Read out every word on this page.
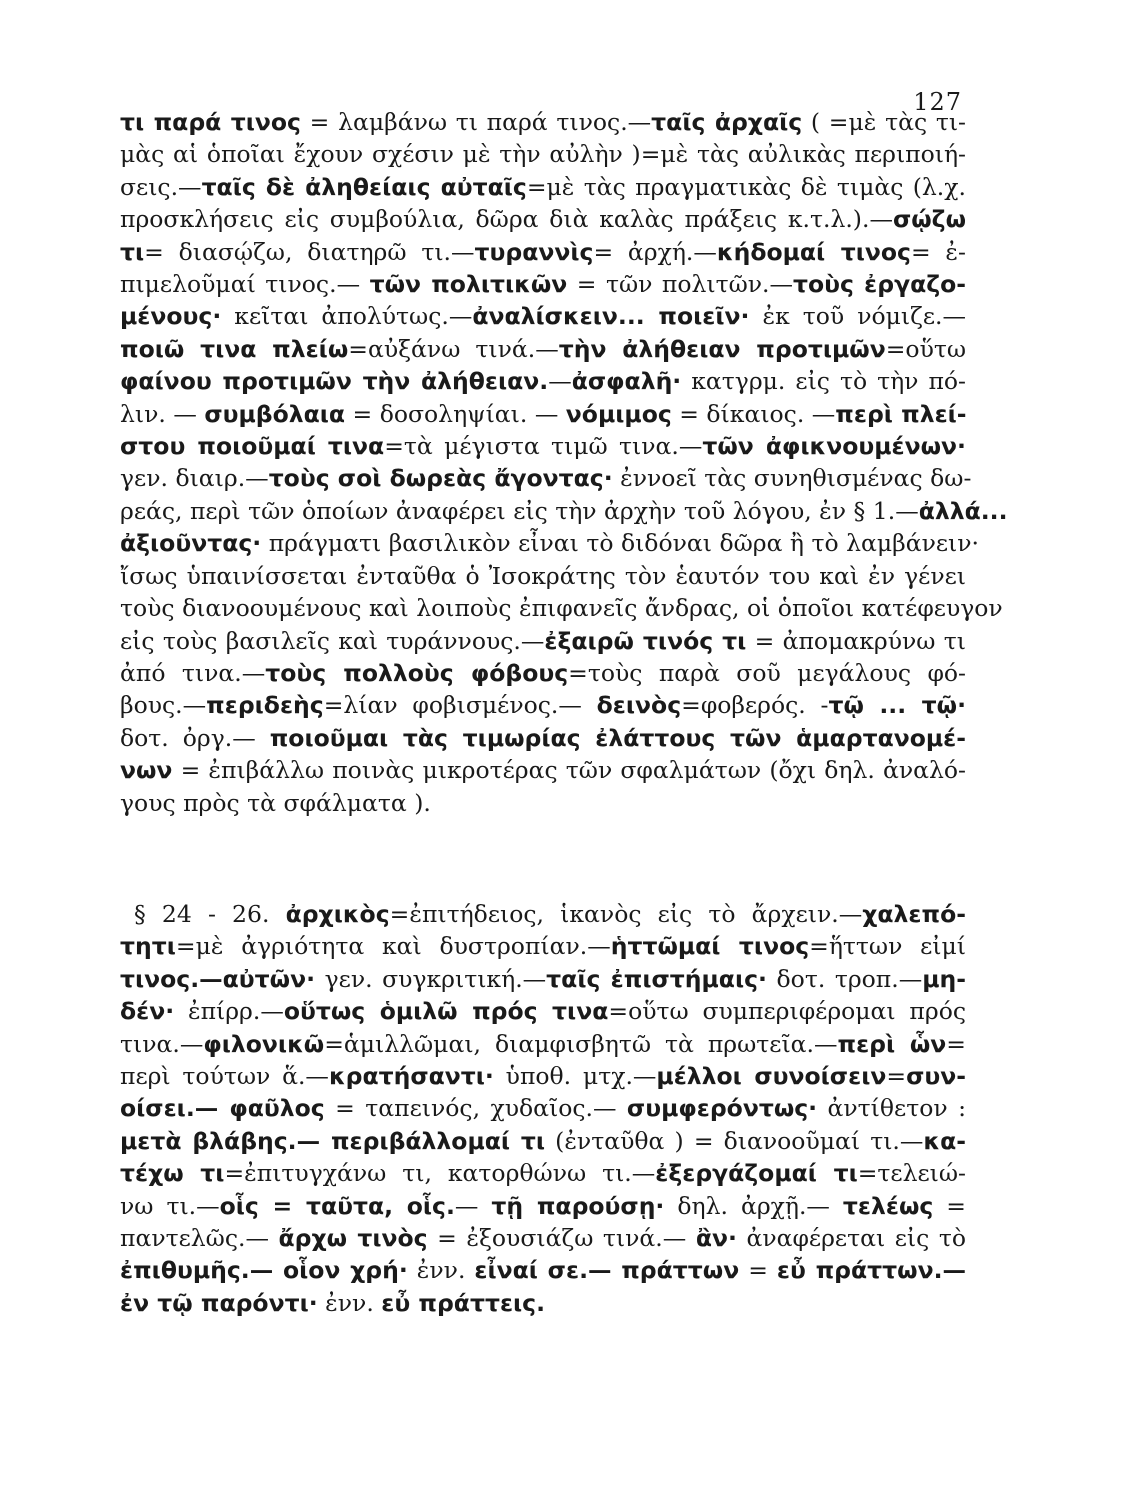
127
τι παρά τινος = λαμβάνω τι παρά τινος.—ταῖς ἀρχαῖς ( =μὲ τὰς τι-
μὰς αἱ ὁποῖαι ἔχουν σχέσιν μὲ τὴν αὐλὴν )=μὲ τὰς αὐλικὰς περιποιή-
σεις.—ταῖς δὲ ἀληθείαις αὐταῖς=μὲ τὰς πραγματικὰς δὲ τιμὰς (λ.χ.
προσκλήσεις εἰς συμβούλια, δῶρα διὰ καλὰς πράξεις κ.τ.λ.).—σῴζω
τι= διασῴζω, διατηρῶ τι.—τυραννὶς= ἀρχή.—κήδομαί τινος= ἐ-
πιμελοῦμαί τινος.— τῶν πολιτικῶν = τῶν πολιτῶν.—τοὺς ἐργαζο-
μένους· κεῖται ἀπολύτως.—ἀναλίσκειν... ποιεῖν· ἐκ τοῦ νόμιζε.—
ποιῶ τινα πλείω=αὐξάνω τινά.—τὴν ἀλήθειαν προτιμῶν=οὕτω
φαίνου προτιμῶν τὴν ἀλήθειαν.—ἀσφαλῆ· κατγρμ. εἰς τὸ τὴν πό-
λιν. — συμβόλαια = δοσοληψίαι. — νόμιμος = δίκαιος. —περὶ πλεί-
στου ποιοῦμαί τινα=τὰ μέγιστα τιμῶ τινα.—τῶν ἀφικνουμένων·
γεν. διαιρ.—τοὺς σοὶ δωρεὰς ἄγοντας· ἐννοεῖ τὰς συνηθισμένας δω-
ρεάς, περὶ τῶν ὁποίων ἀναφέρει εἰς τὴν ἀρχὴν τοῦ λόγου, ἐν § 1.—ἀλλά...
ἀξιοῦντας· πράγματι βασιλικὸν εἶναι τὸ διδόναι δῶρα ἢ τὸ λαμβάνειν·
ἴσως ὑπαινίσσεται ἐνταῦθα ὁ Ἰσοκράτης τὸν ἑαυτόν του καὶ ἐν γένει
τοὺς διανοουμένους καὶ λοιποὺς ἐπιφανεῖς ἄνδρας, οἱ ὁποῖοι κατέφευγον
εἰς τοὺς βασιλεῖς καὶ τυράννους.—ἐξαιρῶ τινός τι = ἀπομακρύνω τι
ἀπό τινα.—τοὺς πολλοὺς φόβους=τοὺς παρὰ σοῦ μεγάλους φό-
βους.—περιδεὴς=λίαν φοβισμένος.— δεινὸς=φοβερός. -τῷ ... τῷ·
δοτ. ὀργ.— ποιοῦμαι τὰς τιμωρίας ἐλάττους τῶν ἁμαρτανομέ-
νων = ἐπιβάλλω ποινὰς μικροτέρας τῶν σφαλμάτων (ὄχι δηλ. ἀναλό-
γους πρὸς τὰ σφάλματα ).
§ 24 - 26. ἀρχικὸς=ἐπιτήδειος, ἱκανὸς εἰς τὸ ἄρχειν.—χαλεπό-
τητι=μὲ ἀγριότητα καὶ δυστροπίαν.—ἡττῶμαί τινος=ἥττων εἰμί
τινος.—αὐτῶν· γεν. συγκριτική.—ταῖς ἐπιστήμαις· δοτ. τροπ.—μη-
δέν· ἐπίρρ.—οὕτως ὁμιλῶ πρός τινα=οὕτω συμπεριφέρομαι πρός
τινα.—φιλονικῶ=ἁμιλλῶμαι, διαμφισβητῶ τὰ πρωτεῖα.—περὶ ὧν=
περὶ τούτων ἅ.—κρατήσαντι· ὑποθ. μτχ.—μέλλοι συνοίσειν=συν-
οίσει.— φαῦλος = ταπεινός, χυδαῖος.— συμφερόντως· ἀντίθετον :
μετὰ βλάβης.— περιβάλλομαί τι (ἐνταῦθα ) = διανοοῦμαί τι.—κα-
τέχω τι=ἐπιτυγχάνω τι, κατορθώνω τι.—ἐξεργάζομαί τι=τελειώ-
νω τι.—οἷς = ταῦτα, οἷς.— τῇ παρούσῃ· δηλ. ἀρχῇ.— τελέως =
παντελῶς.— ἄρχω τινὸς = ἐξουσιάζω τινά.— ἂν· ἀναφέρεται εἰς τὸ
ἐπιθυμῆς.— οἷον χρή· ἐνν. εἶναί σε.— πράττων = εὖ πράττων.—
ἐν τῷ παρόντι· ἐνν. εὖ πράττεις.
